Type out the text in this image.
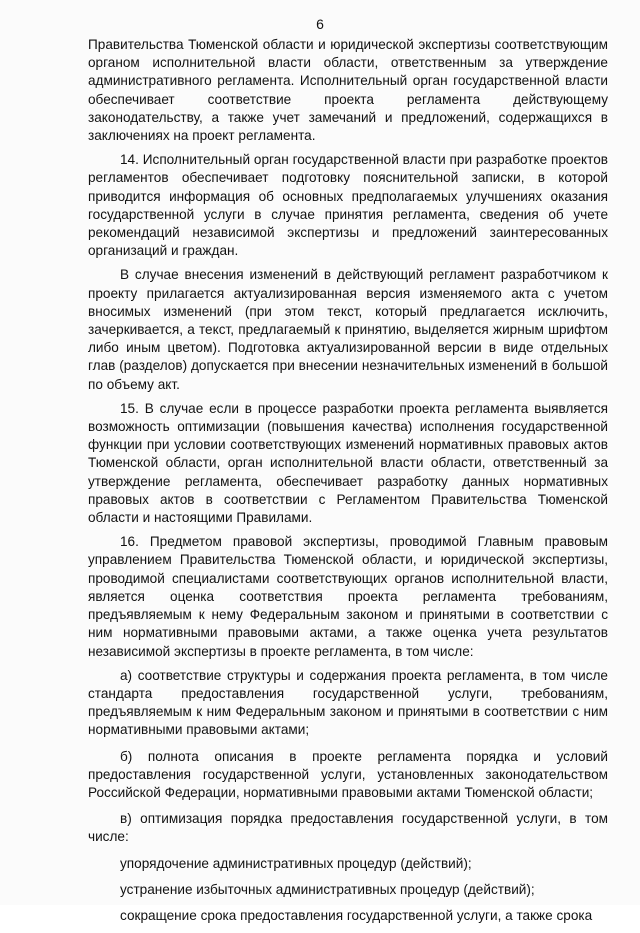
6

Правительства Тюменской области и юридической экспертизы соответствующим органом исполнительной власти области, ответственным за утверждение административного регламента. Исполнительный орган государственной власти обеспечивает соответствие проекта регламента действующему законодательству, а также учет замечаний и предложений, содержащихся в заключениях на проект регламента.

14. Исполнительный орган государственной власти при разработке проектов регламентов обеспечивает подготовку пояснительной записки, в которой приводится информация об основных предполагаемых улучшениях оказания государственной услуги в случае принятия регламента, сведения об учете рекомендаций независимой экспертизы и предложений заинтересованных организаций и граждан.

В случае внесения изменений в действующий регламент разработчиком к проекту прилагается актуализированная версия изменяемого акта с учетом вносимых изменений (при этом текст, который предлагается исключить, зачеркивается, а текст, предлагаемый к принятию, выделяется жирным шрифтом либо иным цветом). Подготовка актуализированной версии в виде отдельных глав (разделов) допускается при внесении незначительных изменений в большой по объему акт.

15. В случае если в процессе разработки проекта регламента выявляется возможность оптимизации (повышения качества) исполнения государственной функции при условии соответствующих изменений нормативных правовых актов Тюменской области, орган исполнительной власти области, ответственный за утверждение регламента, обеспечивает разработку данных нормативных правовых актов в соответствии с Регламентом Правительства Тюменской области и настоящими Правилами.

16. Предметом правовой экспертизы, проводимой Главным правовым управлением Правительства Тюменской области, и юридической экспертизы, проводимой специалистами соответствующих органов исполнительной власти, является оценка соответствия проекта регламента требованиям, предъявляемым к нему Федеральным законом и принятыми в соответствии с ним нормативными правовыми актами, а также оценка учета результатов независимой экспертизы в проекте регламента, в том числе:

а) соответствие структуры и содержания проекта регламента, в том числе стандарта предоставления государственной услуги, требованиям, предъявляемым к ним Федеральным законом и принятыми в соответствии с ним нормативными правовыми актами;

б) полнота описания в проекте регламента порядка и условий предоставления государственной услуги, установленных законодательством Российской Федерации, нормативными правовыми актами Тюменской области;

в) оптимизация порядка предоставления государственной услуги, в том числе:

упорядочение административных процедур (действий);

устранение избыточных административных процедур (действий);

сокращение срока предоставления государственной услуги, а также срока
